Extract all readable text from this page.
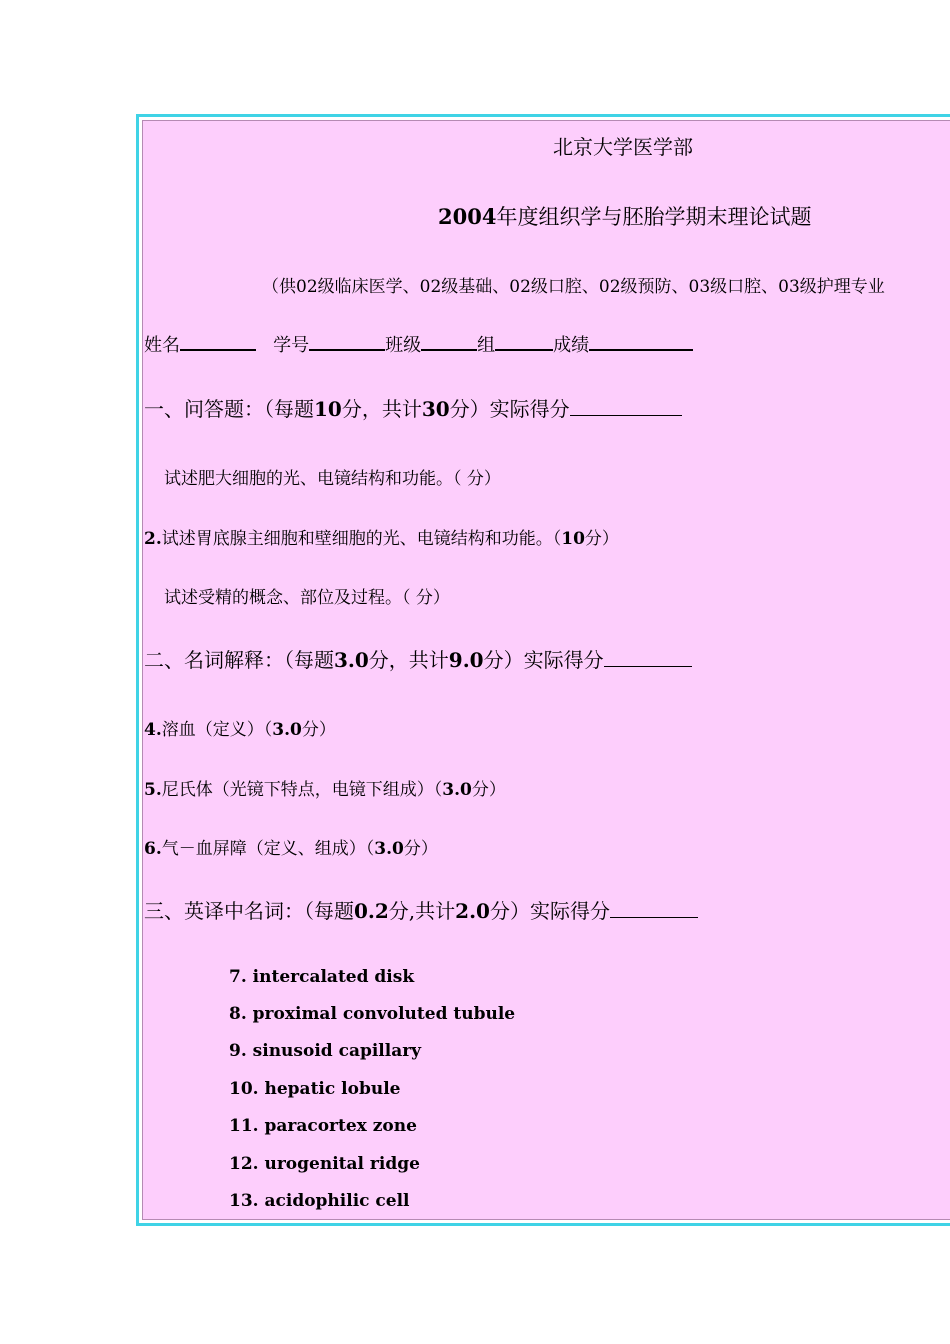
北京大学医学部
2004年度组织学与胚胎学期末理论试题
（供02级临床医学、02级基础、02级口腔、02级预防、03级口腔、03级护理专业
姓名	学号	班级	组	成绩
一、问答题：（每题10分，共计30分）实际得分
试述肥大细胞的光、电镜结构和功能。（ 分）
2.试述胃底腺主细胞和壁细胞的光、电镜结构和功能。（10分）
试述受精的概念、部位及过程。（ 分）
二、名词解释：（每题3.0分，共计9.0分）实际得分
4.溶血（定义）（3.0分）
5.尼氏体（光镜下特点，电镜下组成）（3.0分）
6.气－血屏障（定义、组成）（3.0分）
三、英译中名词：（每题0.2分,共计2.0分）实际得分
7. intercalated disk
8. proximal convoluted tubule
9. sinusoid capillary
10. hepatic lobule
11. paracortex zone
12. urogenital ridge
13. acidophilic cell
